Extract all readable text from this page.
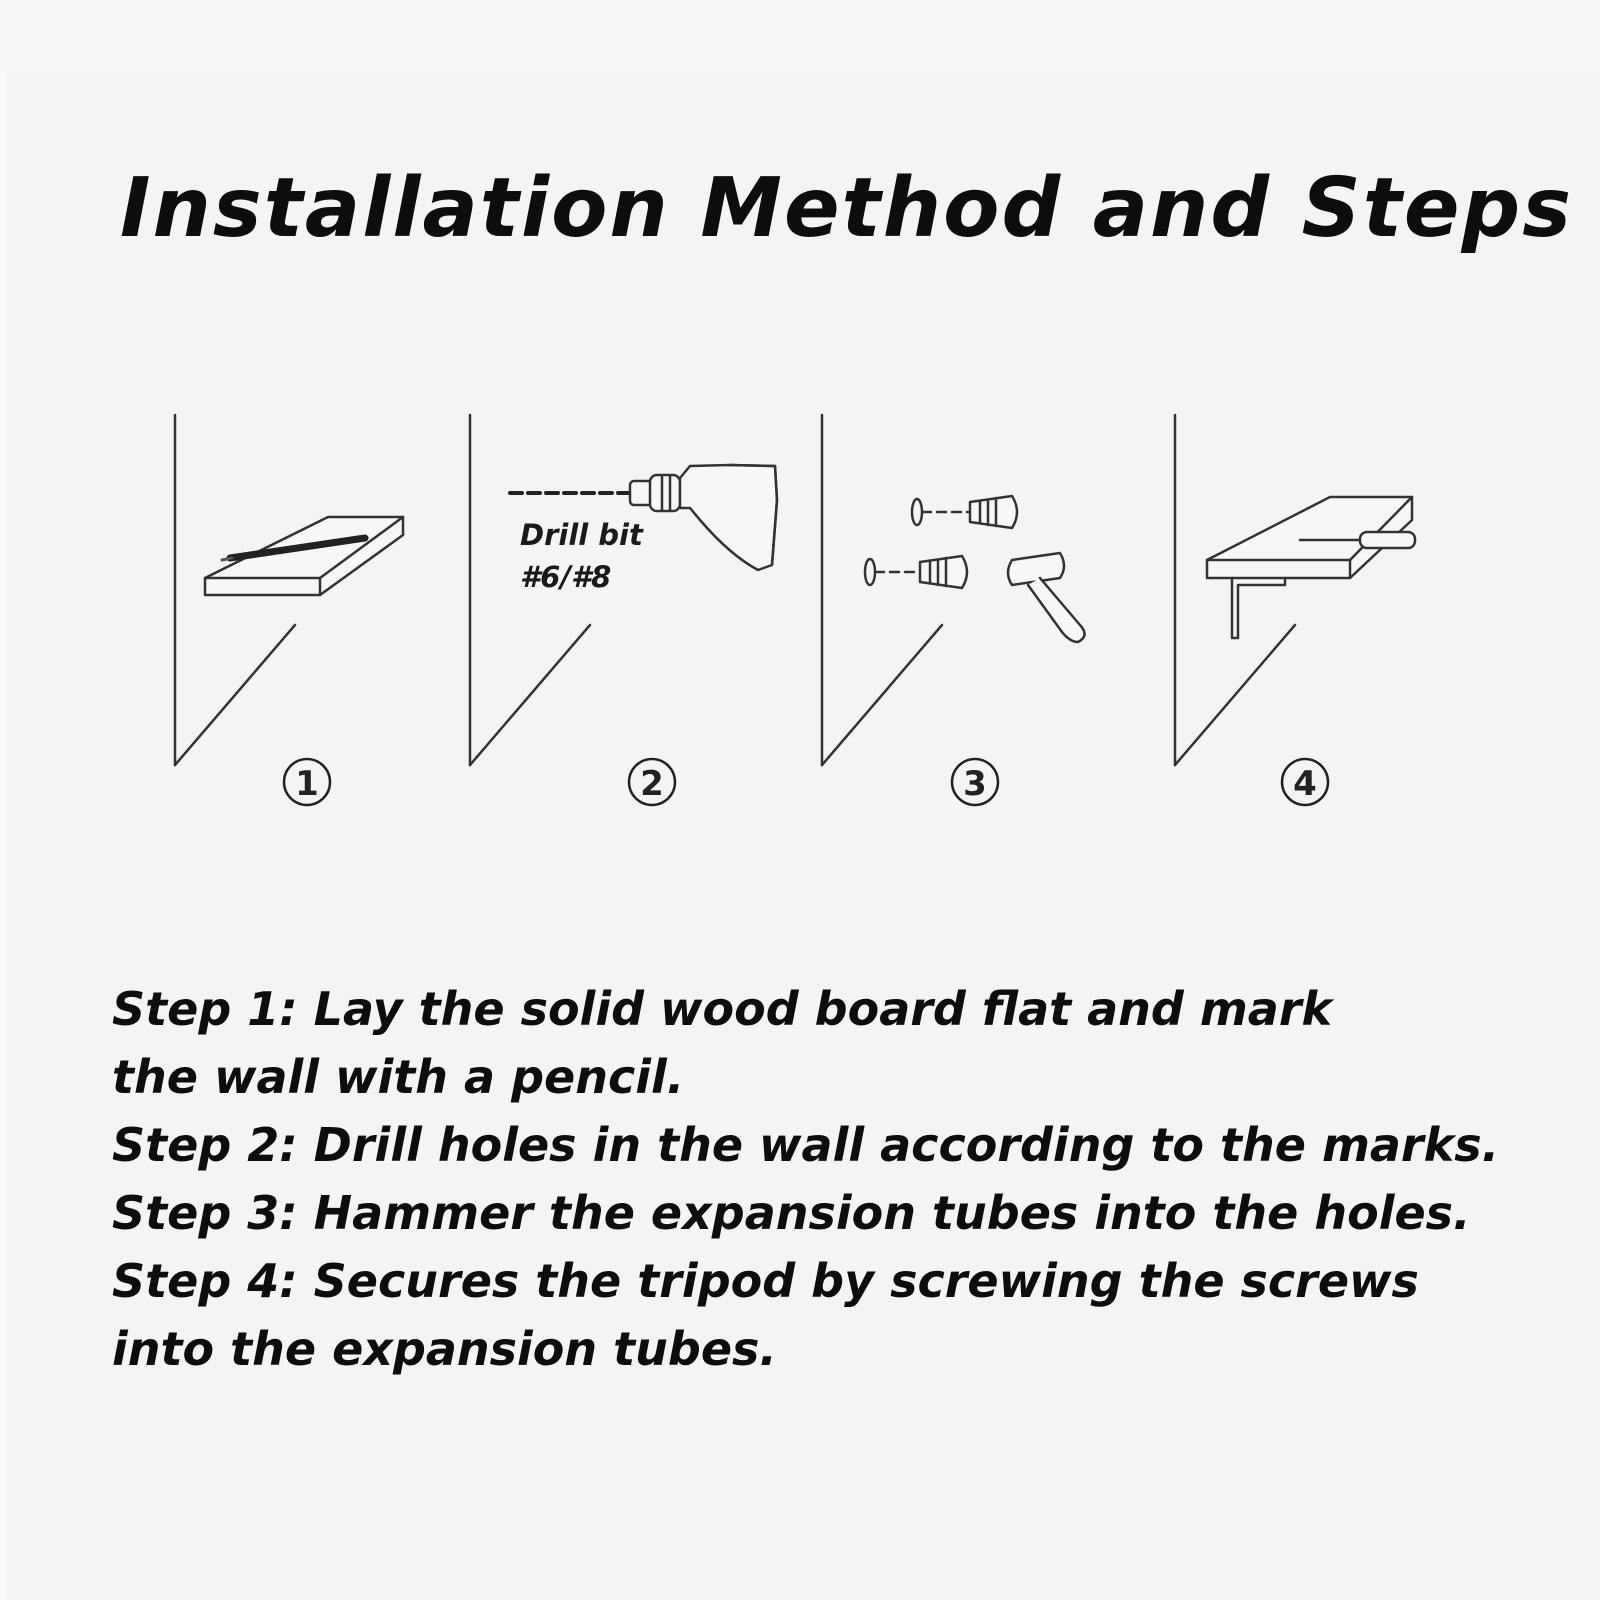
Installation Method and Steps
1
Drill bit
#6/#8
2	3	4
Step 1: Lay the solid wood board flat and mark
the wall with a pencil.
Step 2: Drill holes in the wall according to the marks.
Step 3: Hammer the expansion tubes into the holes.
Step 4: Secures the tripod by screwing the screws
into the expansion tubes.
